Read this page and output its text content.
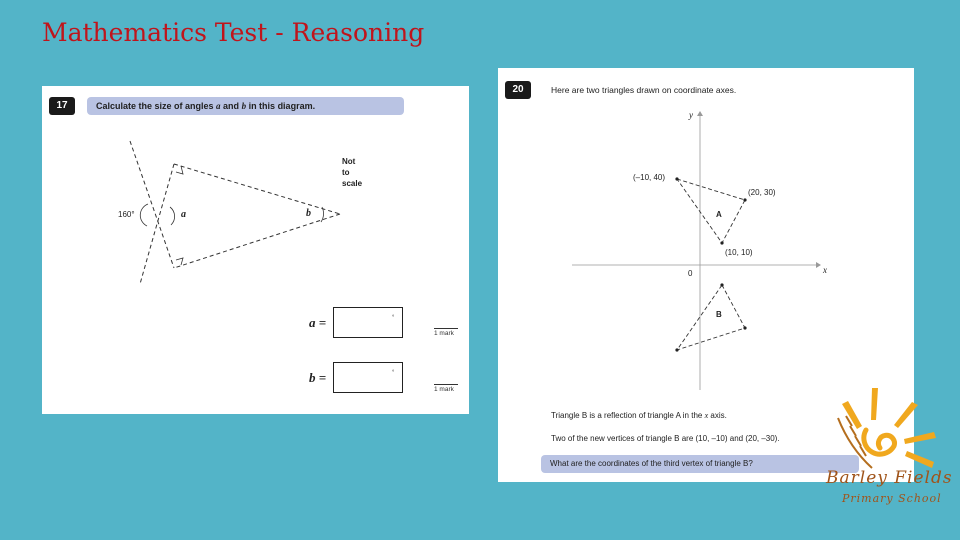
Mathematics Test - Reasoning
17	Calculate the size of angles a and b in this diagram.
160°	a	b
Not
to
scale
a =	°
1 mark
b =	°
1 mark
20	Here are two triangles drawn on coordinate axes.
y
x
0
(–10, 40)
(20, 30)
(10, 10)
A
B
Triangle B is a reflection of triangle A in the x axis.
Two of the new vertices of triangle B are (10, –10) and (20, –30).
What are the coordinates of the third vertex of triangle B?
Barley Fields
Primary School
